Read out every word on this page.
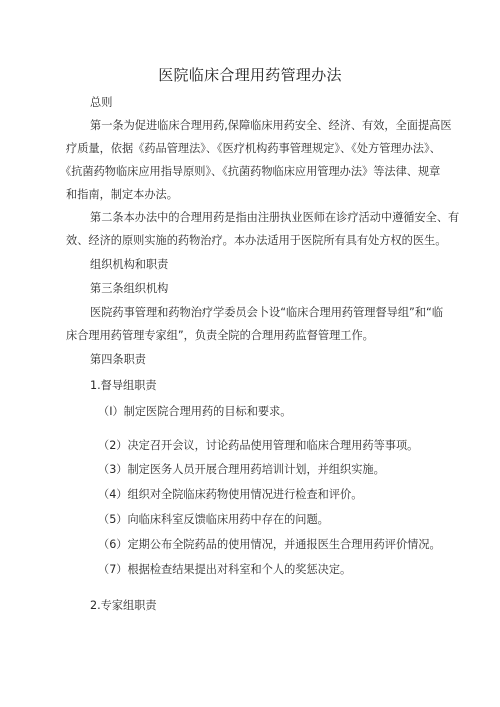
医院临床合理用药管理办法
总则
第一条为促进临床合理用药,保障临床用药安全、经济、有效，全面提高医
疗质量，依据《药品管理法》、《医疗机构药事管理规定》、《处方管理办法》、
《抗菌药物临床应用指导原则》、《抗菌药物临床应用管理办法》等法律、规章
和指南，制定本办法。
第二条本办法中的合理用药是指由注册执业医师在诊疗活动中遵循安全、有
效、经济的原则实施的药物治疗。本办法适用于医院所有具有处方权的医生。
组织机构和职责
第三条组织机构
医院药事管理和药物治疗学委员会卜设“临床合理用药管理督导组”和“临
床合理用药管理专家组”，负责全院的合理用药监督管理工作。
第四条职责
1.督导组职责
（I）制定医院合理用药的目标和要求。
（2）决定召开会议，讨论药品使用管理和临床合理用药等事项。
（3）制定医务人员开展合理用药培训计划，并组织实施。
（4）组织对全院临床药物使用情况进行检查和评价。
（5）向临床科室反馈临床用药中存在的问题。
（6）定期公布全院药品的使用情况，并通报医生合理用药评价情况。
（7）根据检查结果提出对科室和个人的奖惩决定。
2.专家组职责
